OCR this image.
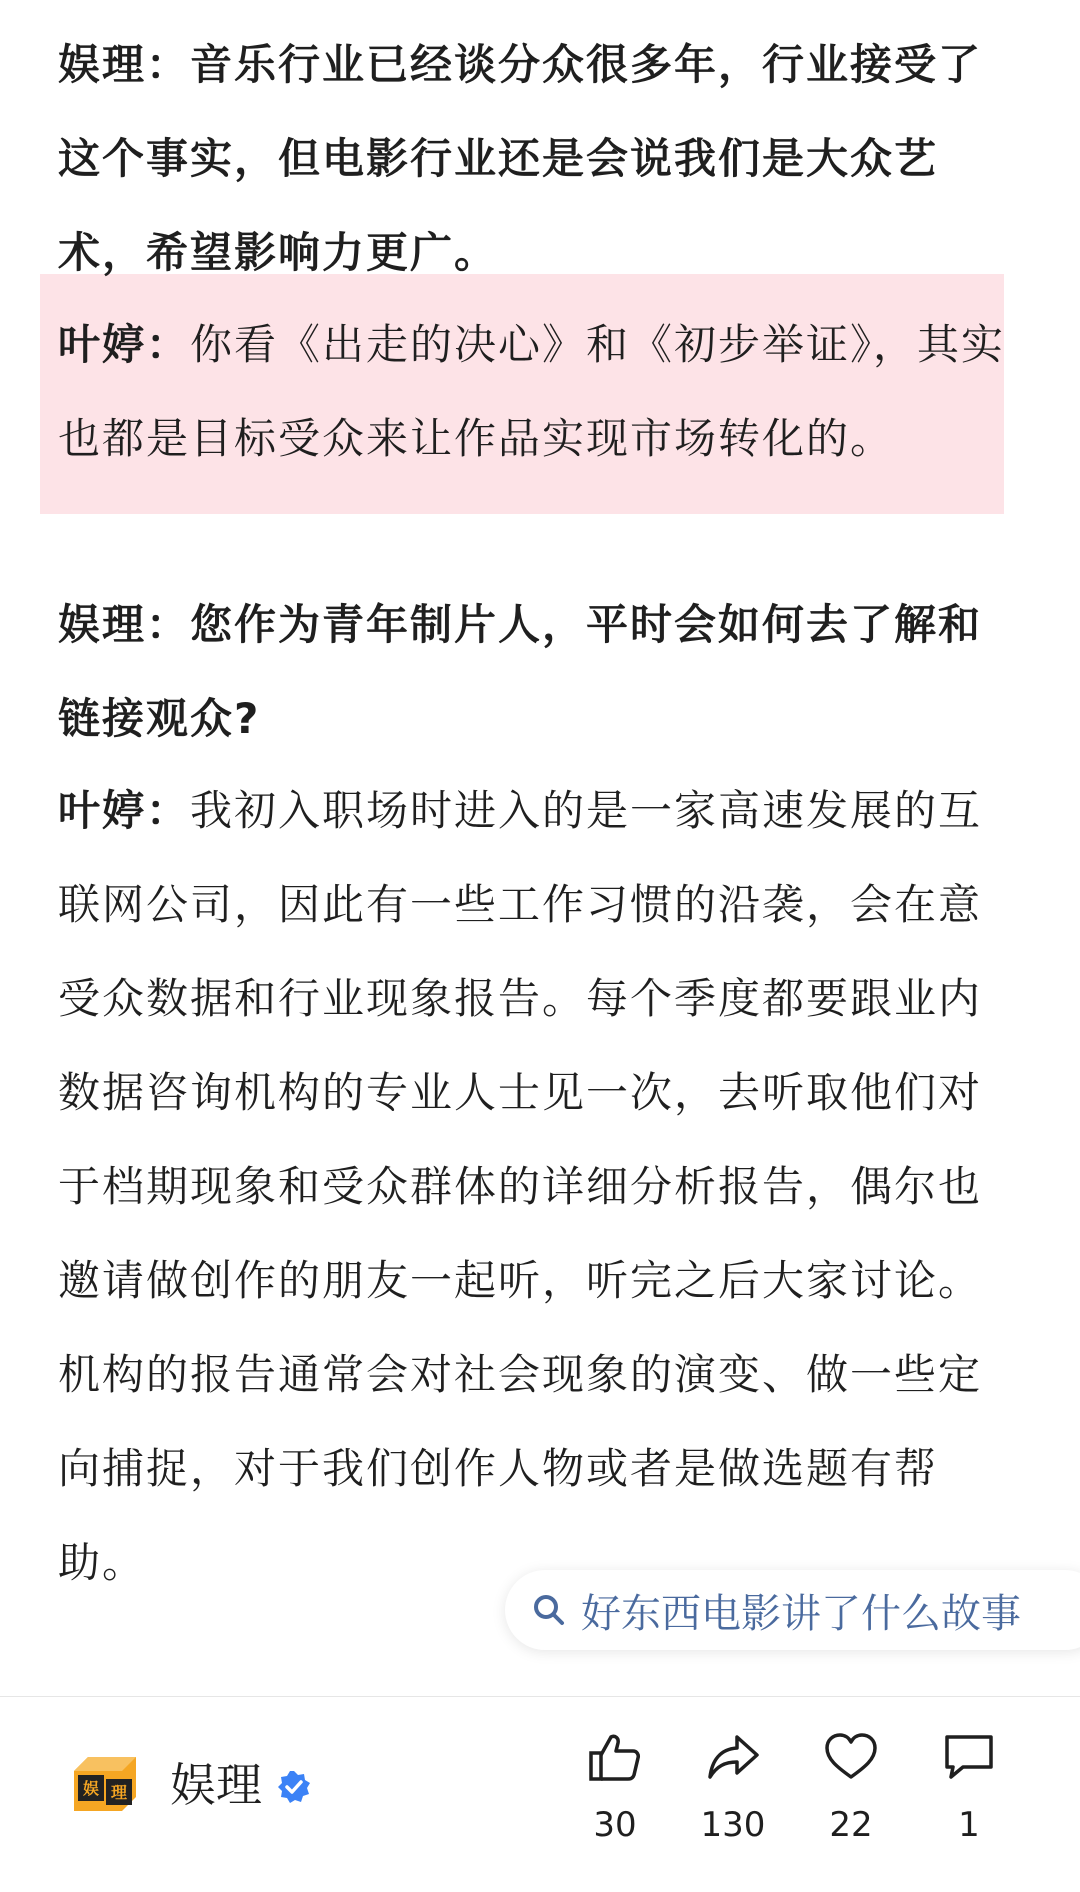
娱理：音乐行业已经谈分众很多年，行业接受了这个事实，但电影行业还是会说我们是大众艺术，希望影响力更广。

叶婷：你看《出走的决心》和《初步举证》，其实也都是目标受众来让作品实现市场转化的。

娱理：您作为青年制片人，平时会如何去了解和链接观众?

叶婷：我初入职场时进入的是一家高速发展的互联网公司，因此有一些工作习惯的沿袭，会在意受众数据和行业现象报告。每个季度都要跟业内数据咨询机构的专业人士见一次，去听取他们对于档期现象和受众群体的详细分析报告，偶尔也邀请做创作的朋友一起听，听完之后大家讨论。机构的报告通常会对社会现象的演变、做一些定向捕捉，对于我们创作人物或者是做选题有帮助。

好东西电影讲了什么故事
娱 理 娱理
30	130	22	1
